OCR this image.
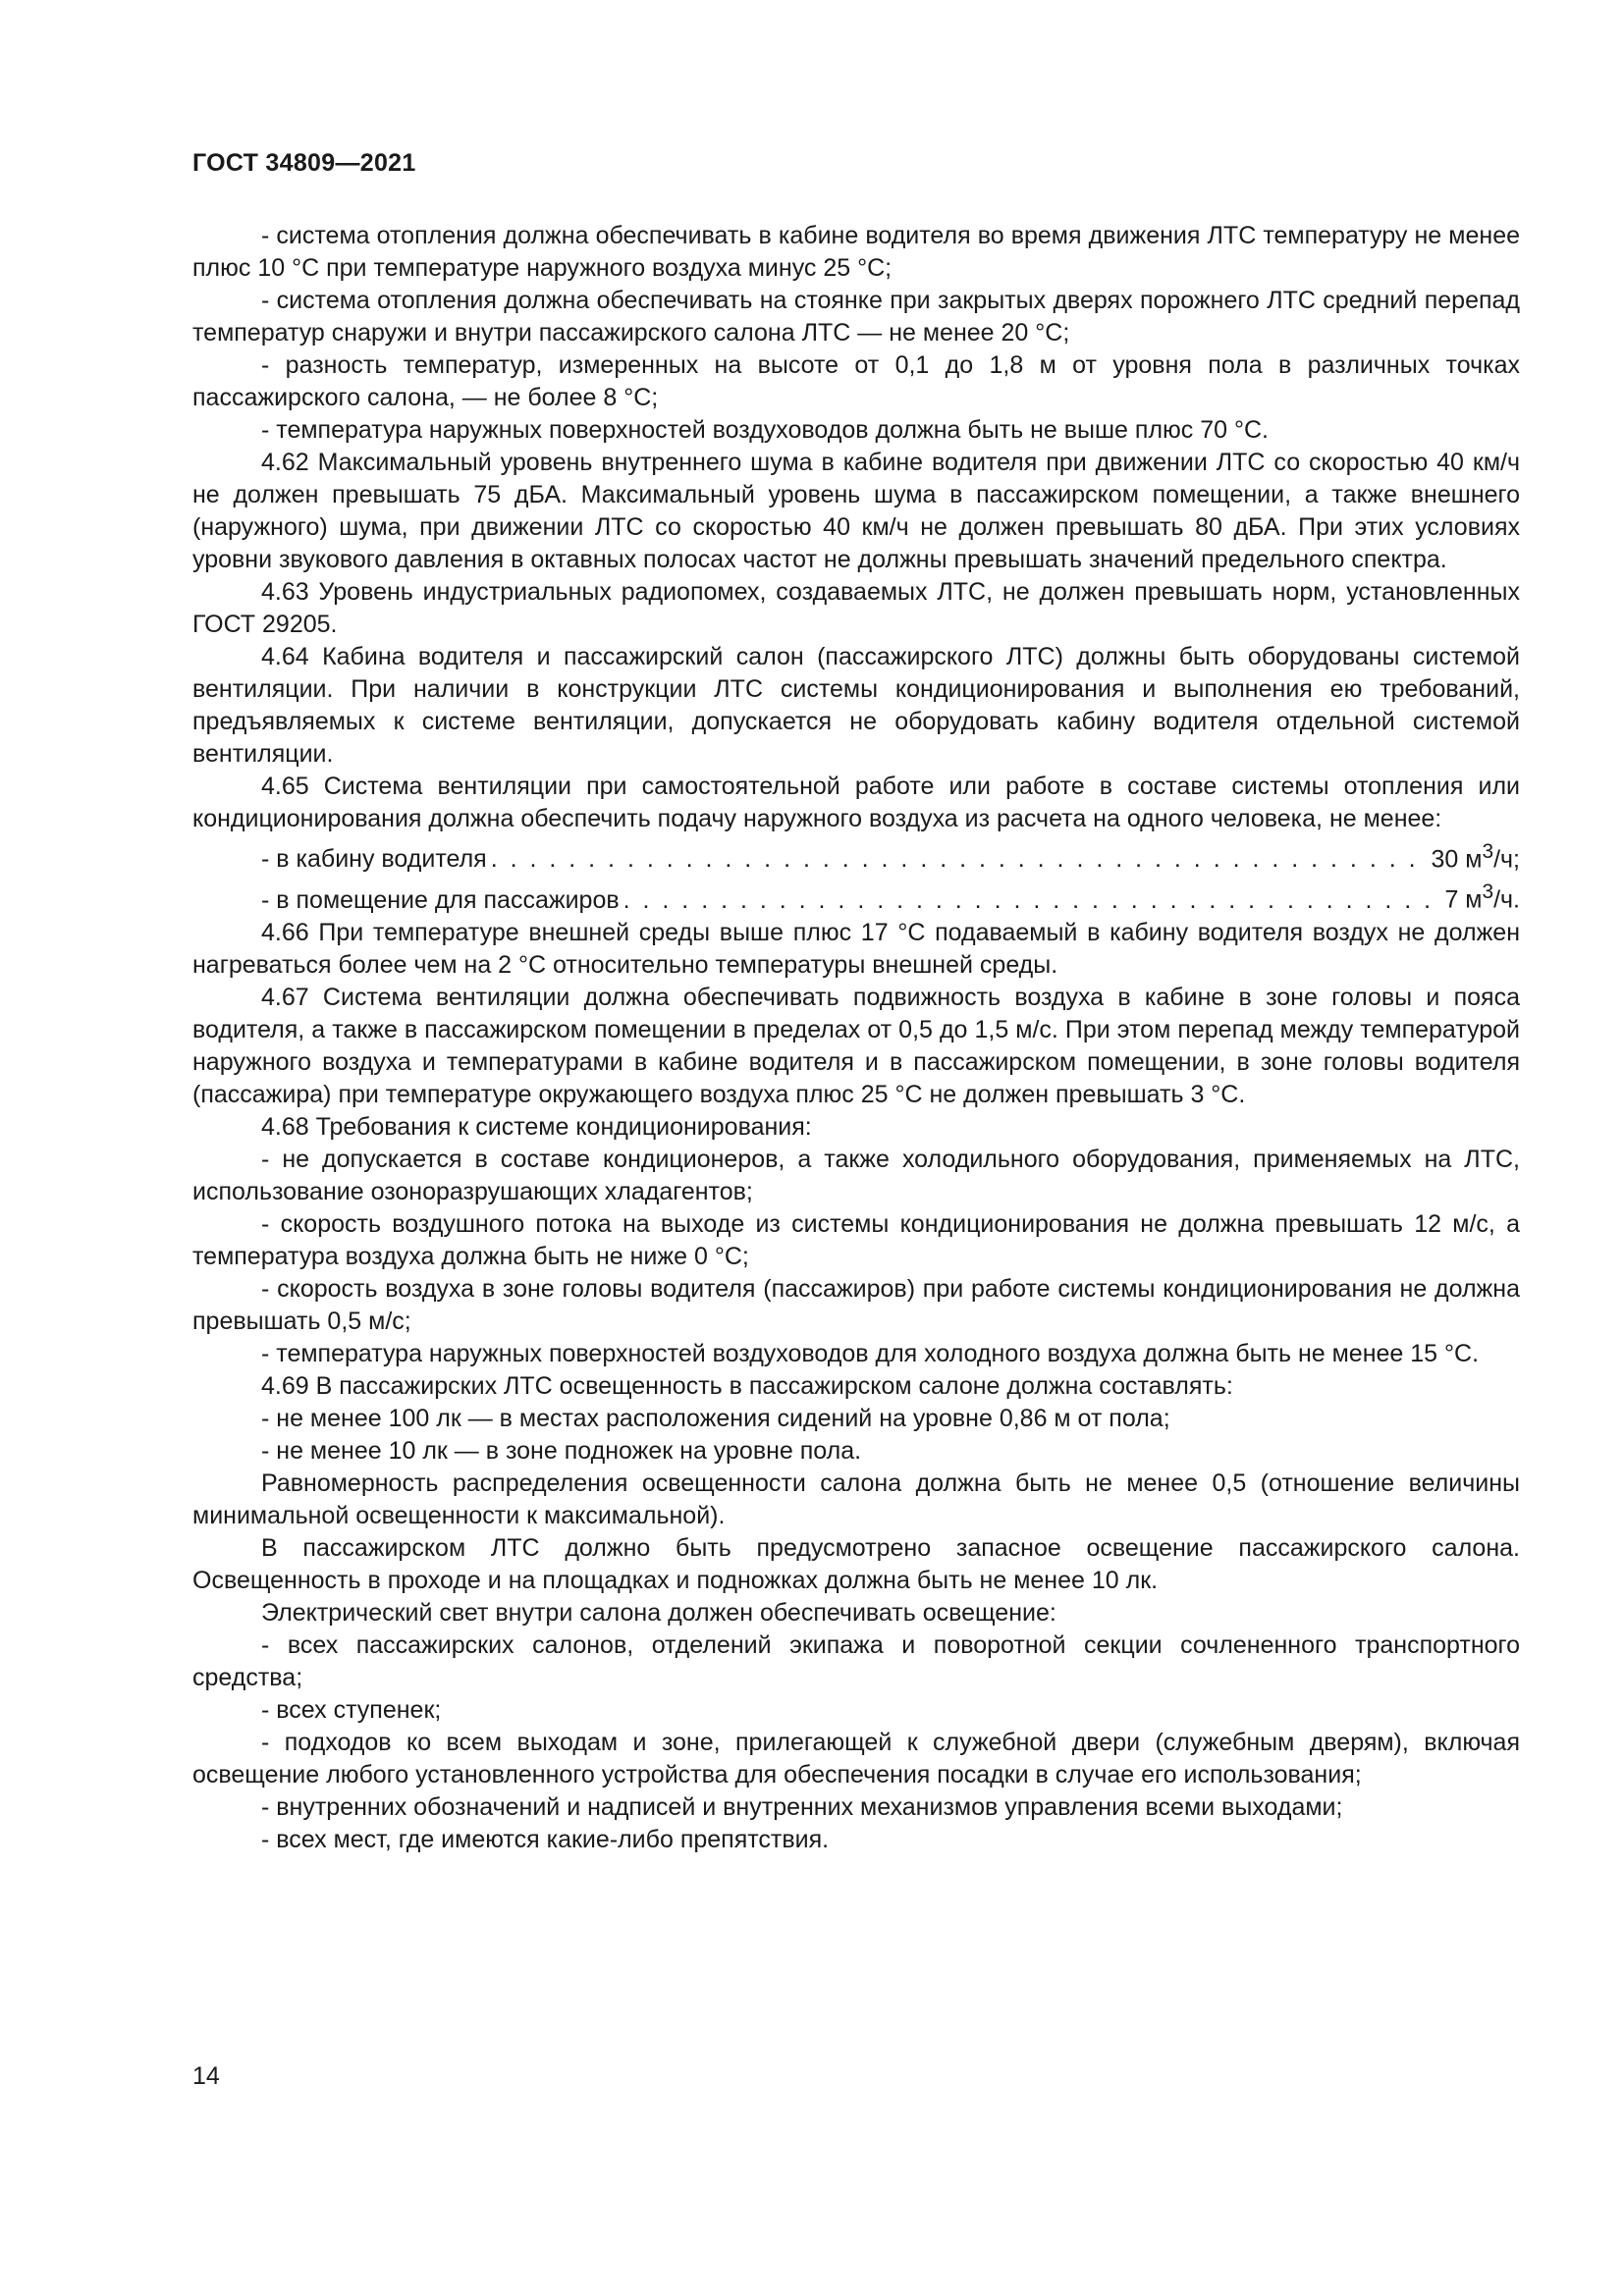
ГОСТ 34809—2021

- система отопления должна обеспечивать в кабине водителя во время движения ЛТС температуру не менее плюс 10 °С при температуре наружного воздуха минус 25 °С;

- система отопления должна обеспечивать на стоянке при закрытых дверях порожнего ЛТС средний перепад температур снаружи и внутри пассажирского салона ЛТС — не менее 20 °С;

- разность температур, измеренных на высоте от 0,1 до 1,8 м от уровня пола в различных точках пассажирского салона, — не более 8 °С;

- температура наружных поверхностей воздуховодов должна быть не выше плюс 70 °С.

4.62 Максимальный уровень внутреннего шума в кабине водителя при движении ЛТС со скоростью 40 км/ч не должен превышать 75 дБА. Максимальный уровень шума в пассажирском помещении, а также внешнего (наружного) шума, при движении ЛТС со скоростью 40 км/ч не должен превышать 80 дБА. При этих условиях уровни звукового давления в октавных полосах частот не должны превышать значений предельного спектра.

4.63 Уровень индустриальных радиопомех, создаваемых ЛТС, не должен превышать норм, установленных ГОСТ 29205.

4.64 Кабина водителя и пассажирский салон (пассажирского ЛТС) должны быть оборудованы системой вентиляции. При наличии в конструкции ЛТС системы кондиционирования и выполнения ею требований, предъявляемых к системе вентиляции, допускается не оборудовать кабину водителя отдельной системой вентиляции.

4.65 Система вентиляции при самостоятельной работе или работе в составе системы отопления или кондиционирования должна обеспечить подачу наружного воздуха из расчета на одного человека, не менее:

- в кабину водителя . . .	30 $м^3/ч$;
- в помещение для пассажиров . . .	7 $м^3/ч$.

4.66 При температуре внешней среды выше плюс 17 °С подаваемый в кабину водителя воздух не должен нагреваться более чем на 2 °С относительно температуры внешней среды.

4.67 Система вентиляции должна обеспечивать подвижность воздуха в кабине в зоне головы и пояса водителя, а также в пассажирском помещении в пределах от 0,5 до 1,5 м/с. При этом перепад между температурой наружного воздуха и температурами в кабине водителя и в пассажирском помещении, в зоне головы водителя (пассажира) при температуре окружающего воздуха плюс 25 °С не должен превышать 3 °С.

4.68 Требования к системе кондиционирования:

- не допускается в составе кондиционеров, а также холодильного оборудования, применяемых на ЛТС, использование озоноразрушающих хладагентов;

- скорость воздушного потока на выходе из системы кондиционирования не должна превышать 12 м/с, а температура воздуха должна быть не ниже 0 °С;

- скорость воздуха в зоне головы водителя (пассажиров) при работе системы кондиционирования не должна превышать 0,5 м/с;

- температура наружных поверхностей воздуховодов для холодного воздуха должна быть не менее 15 °С.

4.69 В пассажирских ЛТС освещенность в пассажирском салоне должна составлять:

- не менее 100 лк — в местах расположения сидений на уровне 0,86 м от пола;

- не менее 10 лк — в зоне подножек на уровне пола.

Равномерность распределения освещенности салона должна быть не менее 0,5 (отношение величины минимальной освещенности к максимальной).

В пассажирском ЛТС должно быть предусмотрено запасное освещение пассажирского салона. Освещенность в проходе и на площадках и подножках должна быть не менее 10 лк.

Электрический свет внутри салона должен обеспечивать освещение:

- всех пассажирских салонов, отделений экипажа и поворотной секции сочлененного транспортного средства;

- всех ступенек;

- подходов ко всем выходам и зоне, прилегающей к служебной двери (служебным дверям), включая освещение любого установленного устройства для обеспечения посадки в случае его использования;

- внутренних обозначений и надписей и внутренних механизмов управления всеми выходами;

- всех мест, где имеются какие-либо препятствия.

14
